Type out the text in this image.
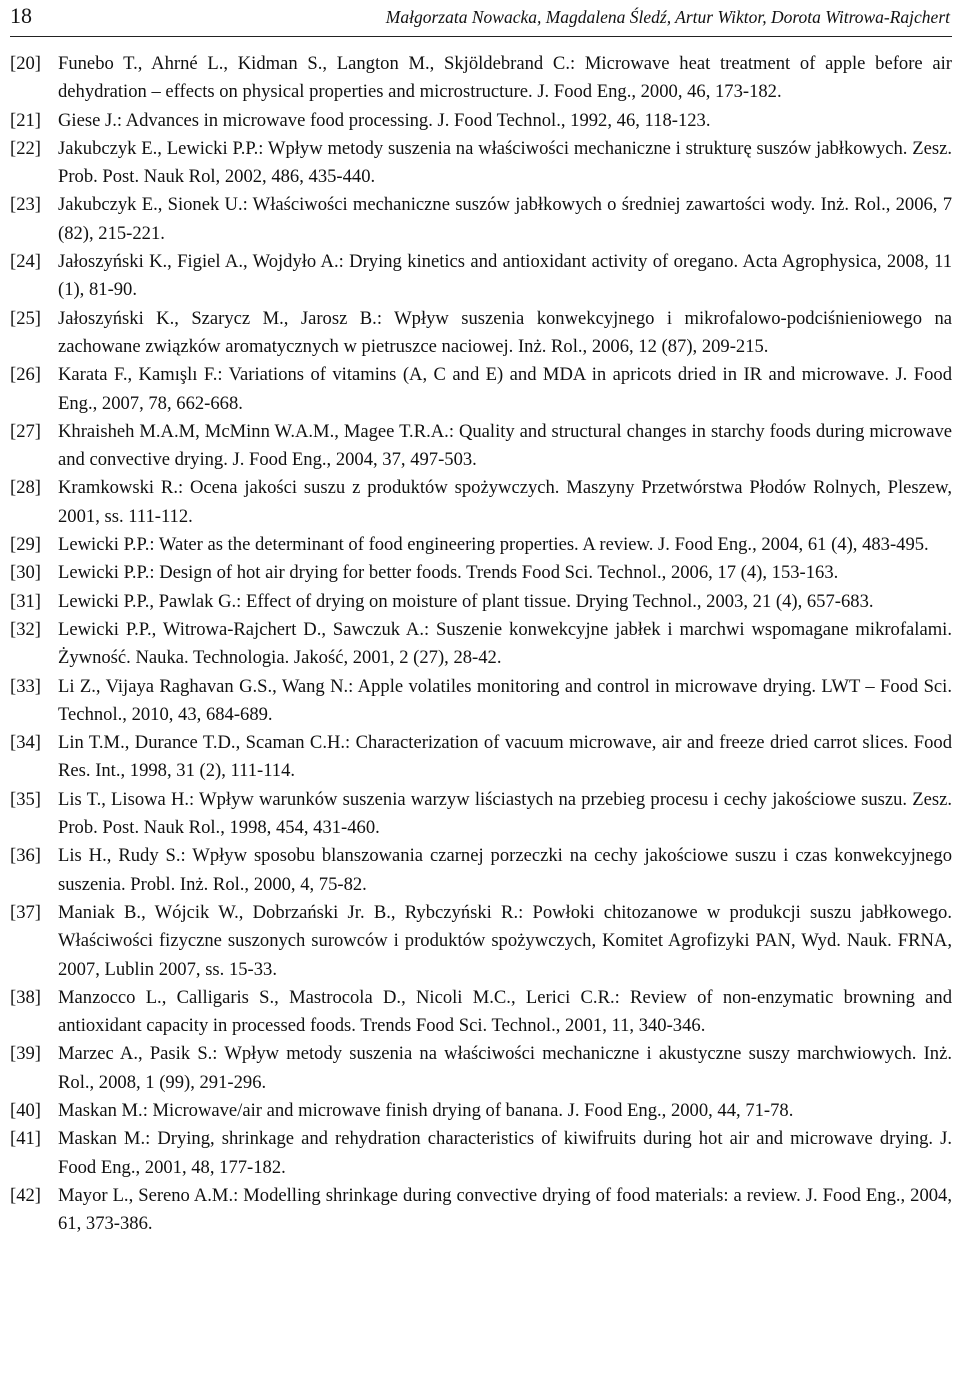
18	Małgorzata Nowacka, Magdalena Śledź, Artur Wiktor, Dorota Witrowa-Rajchert
[20] Funebo T., Ahrné L., Kidman S., Langton M., Skjöldebrand C.: Microwave heat treatment of apple before air dehydration – effects on physical properties and microstructure. J. Food Eng., 2000, 46, 173-182.
[21] Giese J.: Advances in microwave food processing. J. Food Technol., 1992, 46, 118-123.
[22] Jakubczyk E., Lewicki P.P.: Wpływ metody suszenia na właściwości mechaniczne i strukturę suszów jabłkowych. Zesz. Prob. Post. Nauk Rol, 2002, 486, 435-440.
[23] Jakubczyk E., Sionek U.: Właściwości mechaniczne suszów jabłkowych o średniej zawartości wody. Inż. Rol., 2006, 7 (82), 215-221.
[24] Jałoszyński K., Figiel A., Wojdyło A.: Drying kinetics and antioxidant activity of oregano. Acta Agrophysica, 2008, 11 (1), 81-90.
[25] Jałoszyński K., Szarycz M., Jarosz B.: Wpływ suszenia konwekcyjnego i mikrofalowo-podciśnieniowego na zachowane związków aromatycznych w pietruszce naciowej. Inż. Rol., 2006, 12 (87), 209-215.
[26] Karata F., Kamışlı F.: Variations of vitamins (A, C and E) and MDA in apricots dried in IR and microwave. J. Food Eng., 2007, 78, 662-668.
[27] Khraisheh M.A.M, McMinn W.A.M., Magee T.R.A.: Quality and structural changes in starchy foods during microwave and convective drying. J. Food Eng., 2004, 37, 497-503.
[28] Kramkowski R.: Ocena jakości suszu z produktów spożywczych. Maszyny Przetwórstwa Płodów Rolnych, Pleszew, 2001, ss. 111-112.
[29] Lewicki P.P.: Water as the determinant of food engineering properties. A review. J. Food Eng., 2004, 61 (4), 483-495.
[30] Lewicki P.P.: Design of hot air drying for better foods. Trends Food Sci. Technol., 2006, 17 (4), 153-163.
[31] Lewicki P.P., Pawlak G.: Effect of drying on moisture of plant tissue. Drying Technol., 2003, 21 (4), 657-683.
[32] Lewicki P.P., Witrowa-Rajchert D., Sawczuk A.: Suszenie konwekcyjne jabłek i marchwi wspomagane mikrofalami. Żywność. Nauka. Technologia. Jakość, 2001, 2 (27), 28-42.
[33] Li Z., Vijaya Raghavan G.S., Wang N.: Apple volatiles monitoring and control in microwave drying. LWT – Food Sci. Technol., 2010, 43, 684-689.
[34] Lin T.M., Durance T.D., Scaman C.H.: Characterization of vacuum microwave, air and freeze dried carrot slices. Food Res. Int., 1998, 31 (2), 111-114.
[35] Lis T., Lisowa H.: Wpływ warunków suszenia warzyw liściastych na przebieg procesu i cechy jakościowe suszu. Zesz. Prob. Post. Nauk Rol., 1998, 454, 431-460.
[36] Lis H., Rudy S.: Wpływ sposobu blanszowania czarnej porzeczki na cechy jakościowe suszu i czas konwekcyjnego suszenia. Probl. Inż. Rol., 2000, 4, 75-82.
[37] Maniak B., Wójcik W., Dobrzański Jr. B., Rybczyński R.: Powłoki chitozanowe w produkcji suszu jabłkowego. Właściwości fizyczne suszonych surowców i produktów spożywczych, Komitet Agrofizyki PAN, Wyd. Nauk. FRNA, 2007, Lublin 2007, ss. 15-33.
[38] Manzocco L., Calligaris S., Mastrocola D., Nicoli M.C., Lerici C.R.: Review of non-enzymatic browning and antioxidant capacity in processed foods. Trends Food Sci. Technol., 2001, 11, 340-346.
[39] Marzec A., Pasik S.: Wpływ metody suszenia na właściwości mechaniczne i akustyczne suszy marchwiowych. Inż. Rol., 2008, 1 (99), 291-296.
[40] Maskan M.: Microwave/air and microwave finish drying of banana. J. Food Eng., 2000, 44, 71-78.
[41] Maskan M.: Drying, shrinkage and rehydration characteristics of kiwifruits during hot air and microwave drying. J. Food Eng., 2001, 48, 177-182.
[42] Mayor L., Sereno A.M.: Modelling shrinkage during convective drying of food materials: a review. J. Food Eng., 2004, 61, 373-386.
